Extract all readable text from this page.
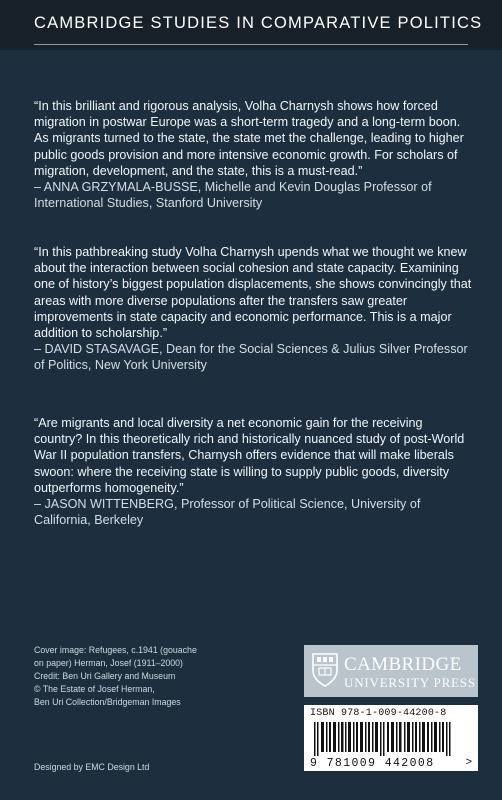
CAMBRIDGE STUDIES IN COMPARATIVE POLITICS

“In this brilliant and rigorous analysis, Volha Charnysh shows how forced migration in postwar Europe was a short-term tragedy and a long-term boon. As migrants turned to the state, the state met the challenge, leading to higher public goods provision and more intensive economic growth. For scholars of migration, development, and the state, this is a must-read.”

– ANNA GRZYMALA-BUSSE, Michelle and Kevin Douglas Professor of International Studies, Stanford University

“In this pathbreaking study Volha Charnysh upends what we thought we knew about the interaction between social cohesion and state capacity. Examining one of history’s biggest population displacements, she shows convincingly that areas with more diverse populations after the transfers saw greater improvements in state capacity and economic performance. This is a major addition to scholarship.”

– DAVID STASAVAGE, Dean for the Social Sciences & Julius Silver Professor of Politics, New York University

“Are migrants and local diversity a net economic gain for the receiving country? In this theoretically rich and historically nuanced study of post-World War II population transfers, Charnysh offers evidence that will make liberals swoon: where the receiving state is willing to supply public goods, diversity outperforms homogeneity.”

– JASON WITTENBERG, Professor of Political Science, University of California, Berkeley

Cover image: Refugees, c.1941 (gouache
on paper) Herman, Josef (1911–2000)
Credit: Ben Uri Gallery and Museum
© The Estate of Josef Herman,
Ben Uri Collection/Bridgeman Images
Designed by EMC Design Ltd
CAMBRIDGE
UNIVERSITY PRESS
ISBN 978-1-009-44200-8
9 781009 442008	>
